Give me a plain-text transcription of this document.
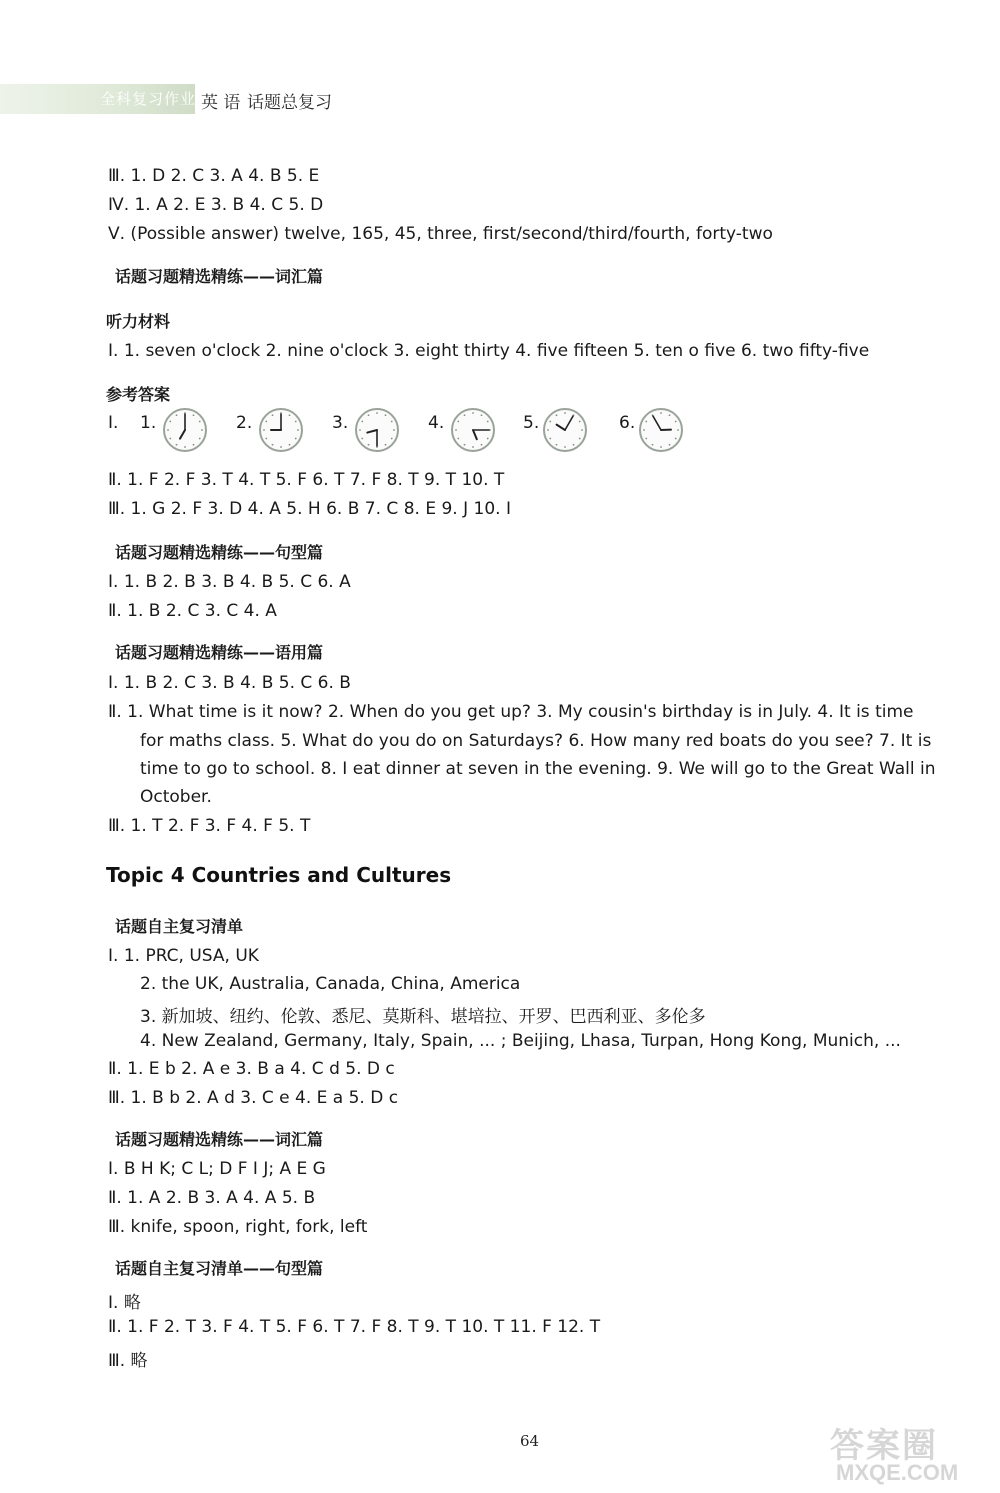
全科复习作业 英 语 话题总复习
Ⅲ. 1. D 2. C 3. A 4. B 5. E
Ⅳ. 1. A 2. E 3. B 4. C 5. D
Ⅴ. (Possible answer) twelve, 165, 45, three, first/second/third/fourth, forty-two
话题习题精选精练——词汇篇
听力材料
Ⅰ. 1. seven o'clock 2. nine o'clock 3. eight thirty 4. five fifteen 5. ten o five 6. two fifty-five
参考答案
Ⅰ. 1.	2.	3.	4.	5.	6.
Ⅱ. 1. F 2. F 3. T 4. T 5. F 6. T 7. F 8. T 9. T 10. T
Ⅲ. 1. G 2. F 3. D 4. A 5. H 6. B 7. C 8. E 9. J 10. I
话题习题精选精练——句型篇
Ⅰ. 1. B 2. B 3. B 4. B 5. C 6. A
Ⅱ. 1. B 2. C 3. C 4. A
话题习题精选精练——语用篇
Ⅰ. 1. B 2. C 3. B 4. B 5. C 6. B
Ⅱ. 1. What time is it now? 2. When do you get up? 3. My cousin's birthday is in July. 4. It is time
for maths class. 5. What do you do on Saturdays? 6. How many red boats do you see? 7. It is
time to go to school. 8. I eat dinner at seven in the evening. 9. We will go to the Great Wall in
October.
Ⅲ. 1. T 2. F 3. F 4. F 5. T
Topic 4 Countries and Cultures
话题自主复习清单
Ⅰ. 1. PRC, USA, UK
2. the UK, Australia, Canada, China, America
3. 新加坡、纽约、伦敦、悉尼、莫斯科、堪培拉、开罗、巴西利亚、多伦多
4. New Zealand, Germany, Italy, Spain, ... ; Beijing, Lhasa, Turpan, Hong Kong, Munich, ...
Ⅱ. 1. E b 2. A e 3. B a 4. C d 5. D c
Ⅲ. 1. B b 2. A d 3. C e 4. E a 5. D c
话题习题精选精练——词汇篇
Ⅰ. B H K; C L; D F I J; A E G
Ⅱ. 1. A 2. B 3. A 4. A 5. B
Ⅲ. knife, spoon, right, fork, left
话题自主复习清单——句型篇
Ⅰ. 略
Ⅱ. 1. F 2. T 3. F 4. T 5. F 6. T 7. F 8. T 9. T 10. T 11. F 12. T
Ⅲ. 略
64	答案圈
MXQE.COM
